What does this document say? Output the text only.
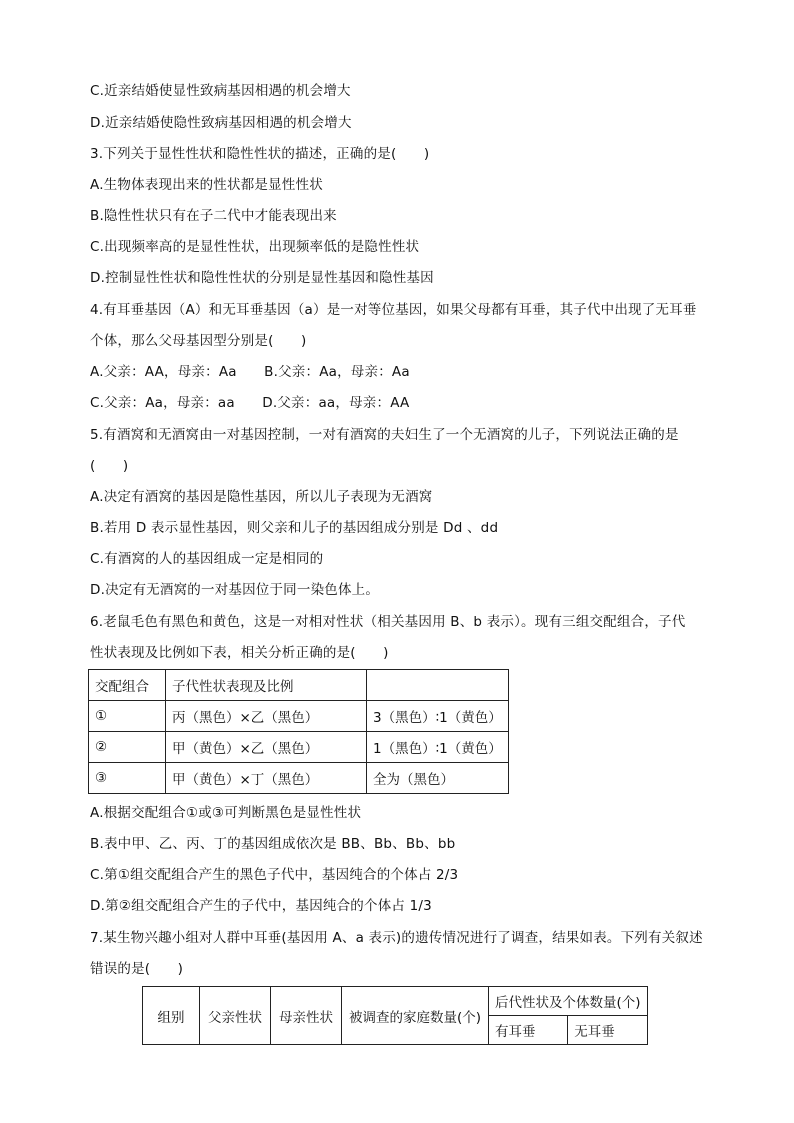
C.近亲结婚使显性致病基因相遇的机会增大
D.近亲结婚使隐性致病基因相遇的机会增大
3.下列关于显性性状和隐性性状的描述，正确的是(　　)
A.生物体表现出来的性状都是显性性状
B.隐性性状只有在子二代中才能表现出来
C.出现频率高的是显性性状，出现频率低的是隐性性状
D.控制显性性状和隐性性状的分别是显性基因和隐性基因
4.有耳垂基因（A）和无耳垂基因（a）是一对等位基因，如果父母都有耳垂，其子代中出现了无耳垂
个体，那么父母基因型分别是(　　)
A.父亲：AA，母亲：Aa　　B.父亲：Aa，母亲：Aa
C.父亲：Aa，母亲：aa　　D.父亲：aa，母亲：AA
5.有酒窝和无酒窝由一对基因控制，一对有酒窝的夫妇生了一个无酒窝的儿子，下列说法正确的是
(　　)
A.决定有酒窝的基因是隐性基因，所以儿子表现为无酒窝
B.若用 D 表示显性基因，则父亲和儿子的基因组成分别是 Dd 、dd
C.有酒窝的人的基因组成一定是相同的
D.决定有无酒窝的一对基因位于同一染色体上。
6.老鼠毛色有黑色和黄色，这是一对相对性状（相关基因用 B、b 表示）。现有三组交配组合，子代
性状表现及比例如下表，相关分析正确的是(　　)
交配组合	子代性状表现及比例	
①	丙（黑色）×乙（黑色）	3（黑色）∶1（黄色）
②	甲（黄色）×乙（黑色）	1（黑色）∶1（黄色）
③	甲（黄色）×丁（黑色）	全为（黑色）
A.根据交配组合①或③可判断黑色是显性性状
B.表中甲、乙、丙、丁的基因组成依次是 BB、Bb、Bb、bb
C.第①组交配组合产生的黑色子代中，基因纯合的个体占 2/3
D.第②组交配组合产生的子代中，基因纯合的个体占 1/3
7.某生物兴趣小组对人群中耳垂(基因用 A、a 表示)的遗传情况进行了调查，结果如表。下列有关叙述
错误的是(　　)
组别	父亲性状	母亲性状	被调查的家庭数量(个)	后代性状及个体数量(个)	
				有耳垂	无耳垂
